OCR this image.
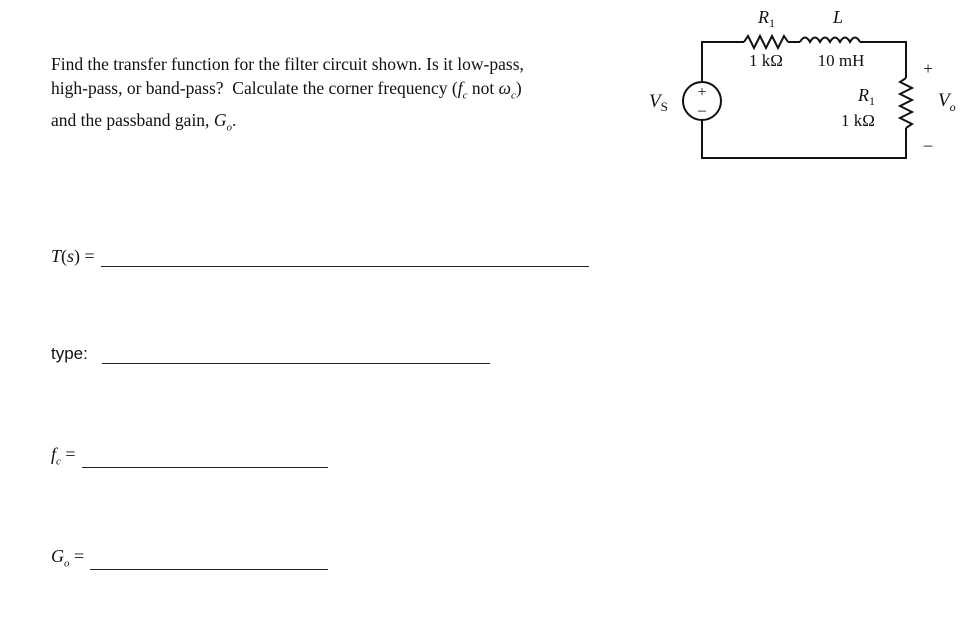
Find the transfer function for the filter circuit shown. Is it low-pass,

high-pass, or band-pass?  Calculate the corner frequency ($f_c$ not $\omega_c$)

and the passband gain, $G_o$.

T(s) =
type:
$f_c$ =
$G_o$ =
+
–
$V_S$
$R_1$
1 kΩ
L
10 mH
$R_1$
1 kΩ
+
$V_o$
–
